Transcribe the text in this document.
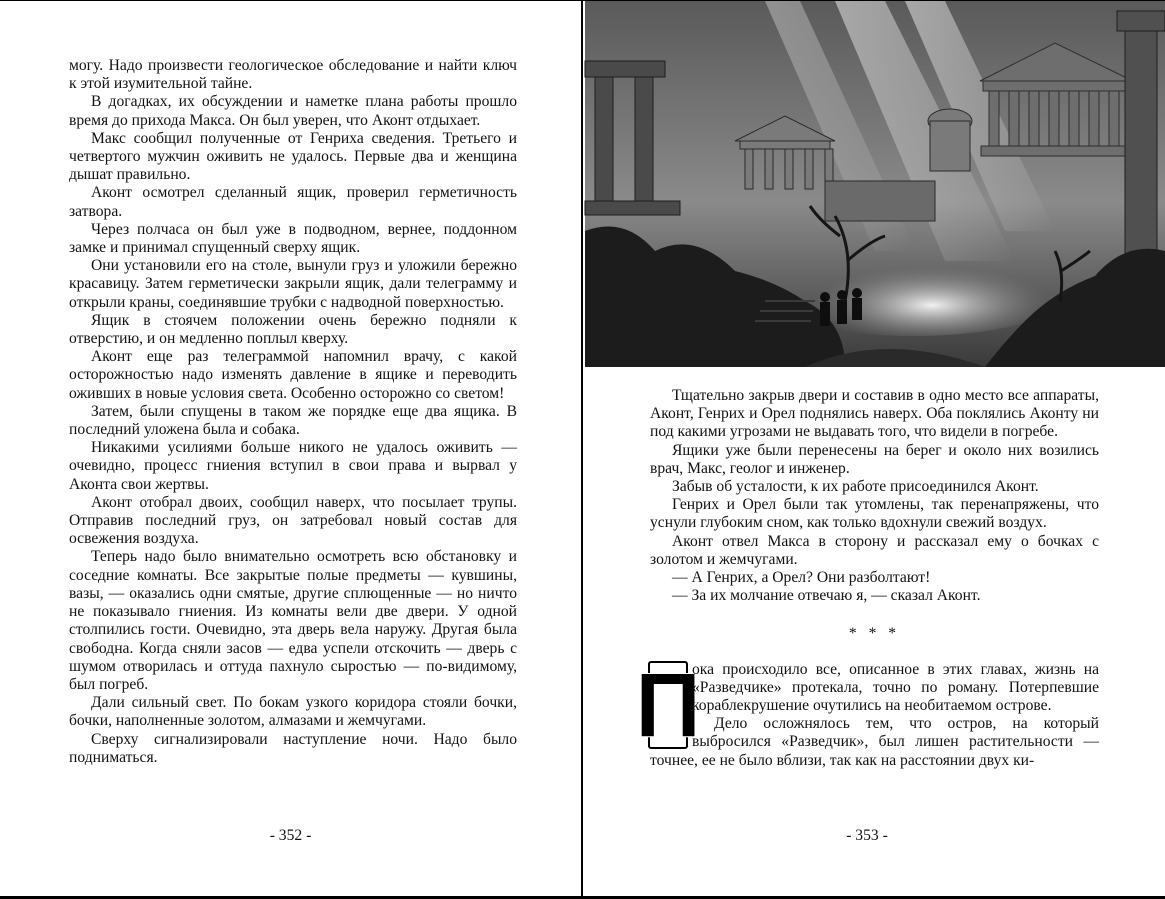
могу. Надо произвести геологическое обследование и найти ключ к этой изумительной тайне.

В догадках, их обсуждении и наметке плана работы прошло время до прихода Макса. Он был уверен, что Аконт отдыхает.

Макс сообщил полученные от Генриха сведения. Третьего и четвертого мужчин оживить не удалось. Первые два и женщина дышат правильно.

Аконт осмотрел сделанный ящик, проверил герметичность затвора.

Через полчаса он был уже в подводном, вернее, поддонном замке и принимал спущенный сверху ящик.

Они установили его на столе, вынули груз и уложили бережно красавицу. Затем герметически закрыли ящик, дали телеграмму и открыли краны, соединявшие трубки с надводной поверхностью.

Ящик в стоячем положении очень бережно подняли к отверстию, и он медленно поплыл кверху.

Аконт еще раз телеграммой напомнил врачу, с какой осторожностью надо изменять давление в ящике и переводить оживших в новые условия света. Особенно осторожно со светом!

Затем, были спущены в таком же порядке еще два ящика. В последний уложена была и собака.

Никакими усилиями больше никого не удалось оживить — очевидно, процесс гниения вступил в свои права и вырвал у Аконта свои жертвы.

Аконт отобрал двоих, сообщил наверх, что посылает трупы. Отправив последний груз, он затребовал новый состав для освежения воздуха.

Теперь надо было внимательно осмотреть всю обстановку и соседние комнаты. Все закрытые полые предметы — кувшины, вазы, — оказались одни смятые, другие сплющенные — но ничто не показывало гниения. Из комнаты вели две двери. У одной столпились гости. Очевидно, эта дверь вела наружу. Другая была свободна. Когда сняли засов — едва успели отскочить — дверь с шумом отворилась и оттуда пахнуло сыростью — по-видимому, был погреб.

Дали сильный свет. По бокам узкого коридора стояли бочки, бочки, наполненные золотом, алмазами и жемчугами.

Сверху сигнализировали наступление ночи. Надо было подниматься.

- 352 -

Тщательно закрыв двери и составив в одно место все аппараты, Аконт, Генрих и Орел поднялись наверх. Оба поклялись Аконту ни под какими угрозами не выдавать того, что видели в погребе.

Ящики уже были перенесены на берег и около них возились врач, Макс, геолог и инженер.

Забыв об усталости, к их работе присоединился Аконт.

Генрих и Орел были так утомлены, так перенапряжены, что уснули глубоким сном, как только вдохнули свежий воздух.

Аконт отвел Макса в сторону и рассказал ему о бочках с золотом и жемчугами.

— А Генрих, а Орел? Они разболтают!

— За их молчание отвечаю я, — сказал Аконт.

* * *
П

ока происходило все, описанное в этих главах, жизнь на «Разведчике» протекала, точно по роману. Потерпевшие кораблекрушение очутились на необитаемом острове.

Дело осложнялось тем, что остров, на который выбросился «Разведчик», был лишен растительности — точнее, ее не было вблизи, так как на расстоянии двух ки-

- 353 -
